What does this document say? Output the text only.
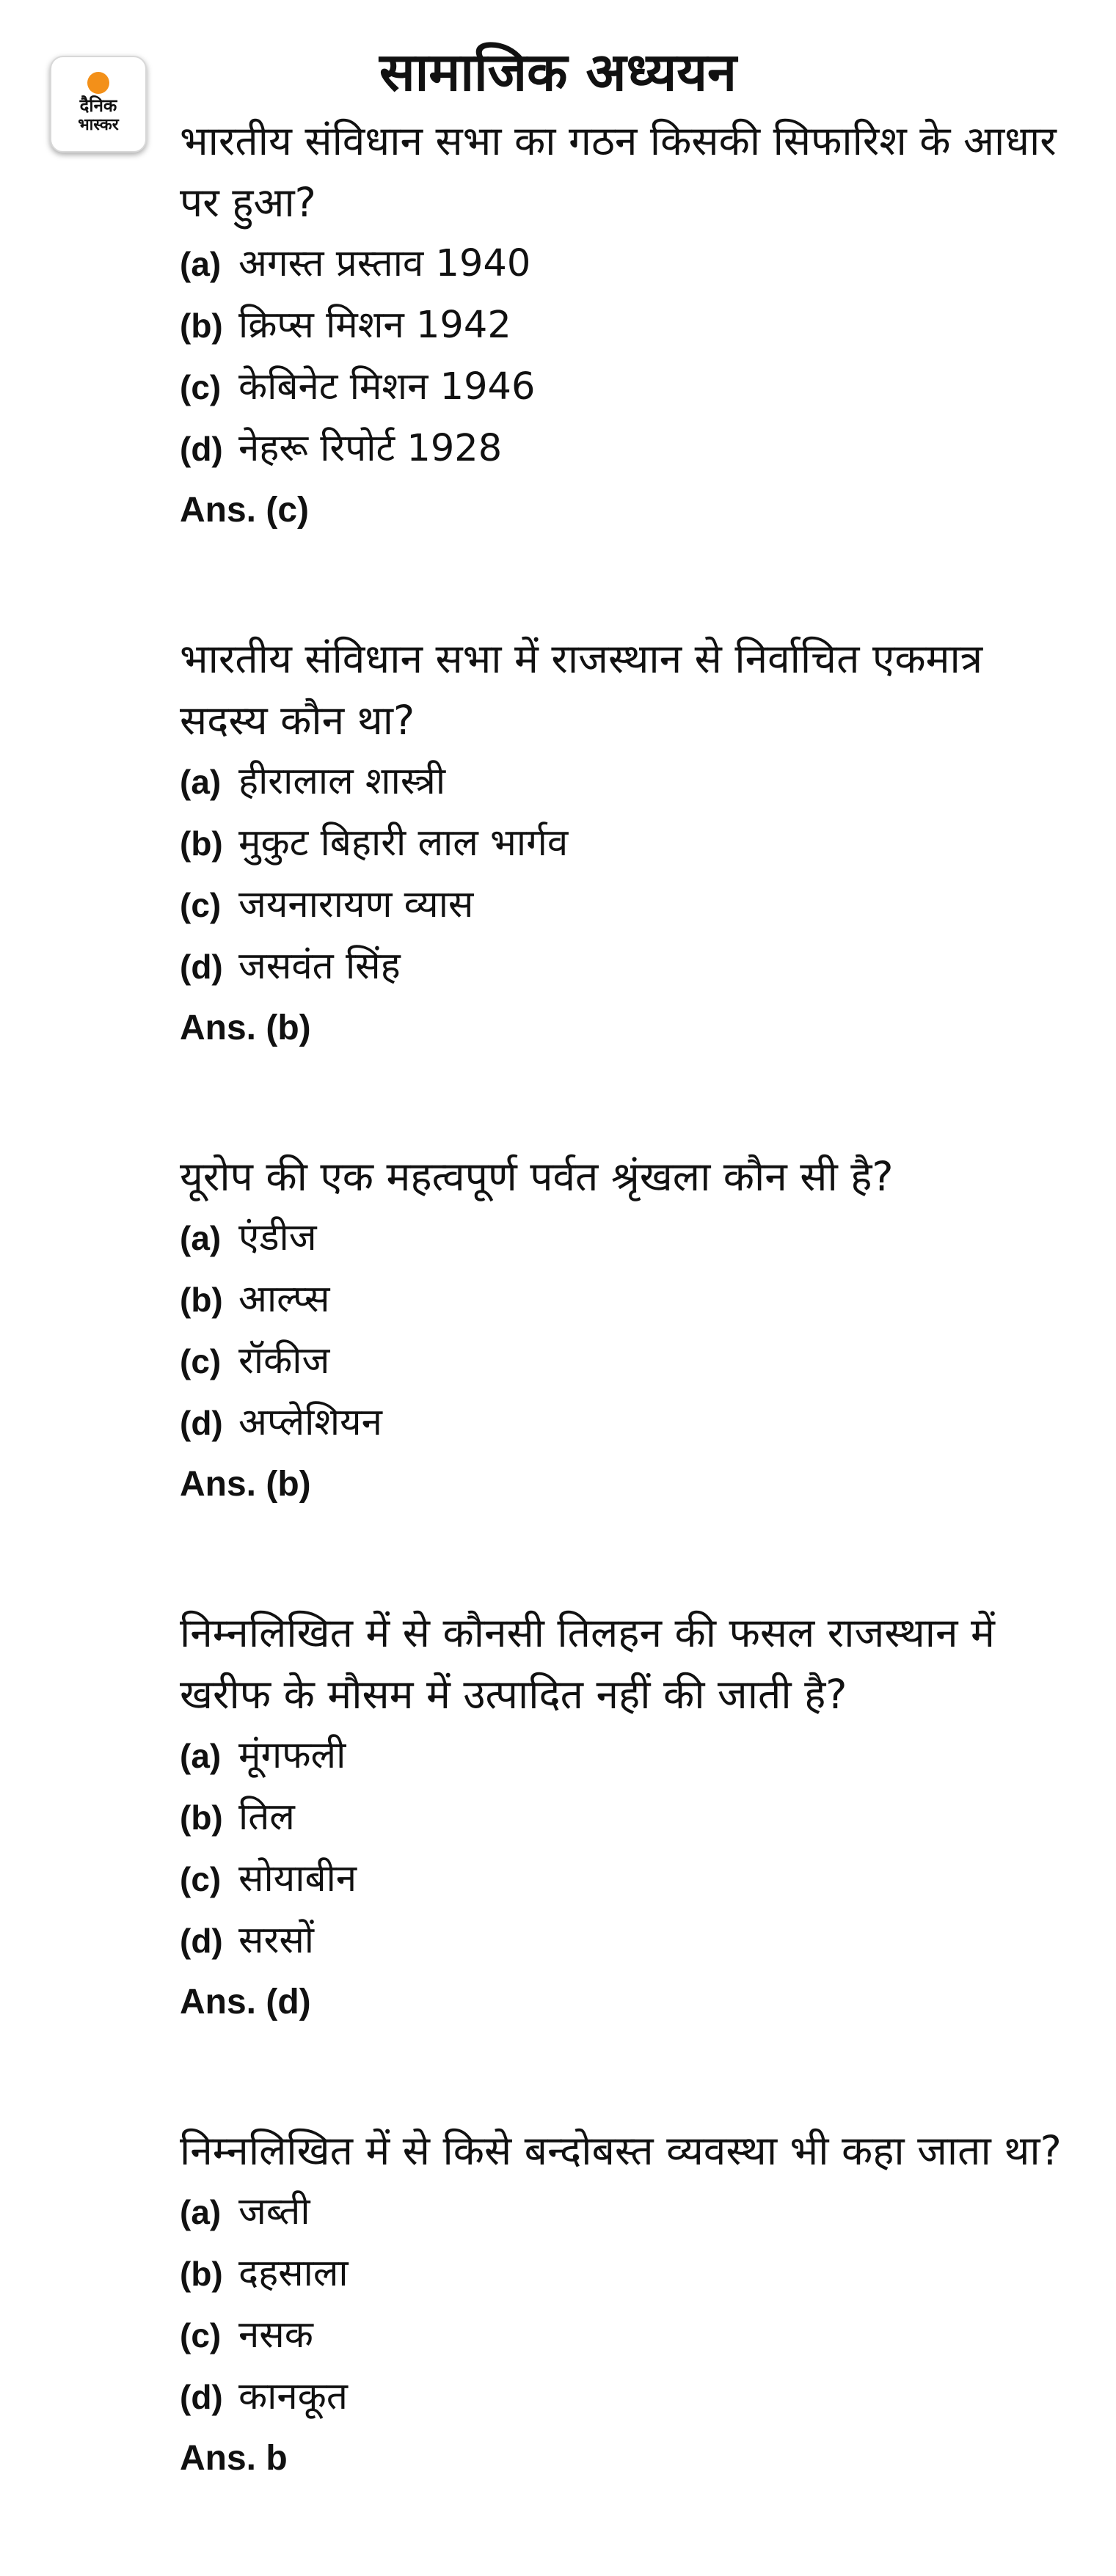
दैनिक
भास्कर
सामाजिक अध्ययन

भारतीय संविधान सभा का गठन किसकी सिफारिश के आधार पर हुआ?

(a) अगस्त प्रस्ताव 1940
(b) क्रिप्स मिशन 1942
(c) केबिनेट मिशन 1946
(d) नेहरू रिपोर्ट 1928
Ans. (c)

भारतीय संविधान सभा में राजस्थान से निर्वाचित एकमात्र सदस्य कौन था?

(a) हीरालाल शास्त्री
(b) मुकुट बिहारी लाल भार्गव
(c) जयनारायण व्यास
(d) जसवंत सिंह
Ans. (b)

यूरोप की एक महत्वपूर्ण पर्वत श्रृंखला कौन सी है?

(a) एंडीज
(b) आल्प्स
(c) रॉकीज
(d) अप्लेशियन
Ans. (b)

निम्नलिखित में से कौनसी तिलहन की फसल राजस्थान में खरीफ के मौसम में उत्पादित नहीं की जाती है?

(a) मूंगफली
(b) तिल
(c) सोयाबीन
(d) सरसों
Ans. (d)

निम्नलिखित में से किसे बन्दोबस्त व्यवस्था भी कहा जाता था?

(a) जब्ती
(b) दहसाला
(c) नसक
(d) कानकूत
Ans. b
